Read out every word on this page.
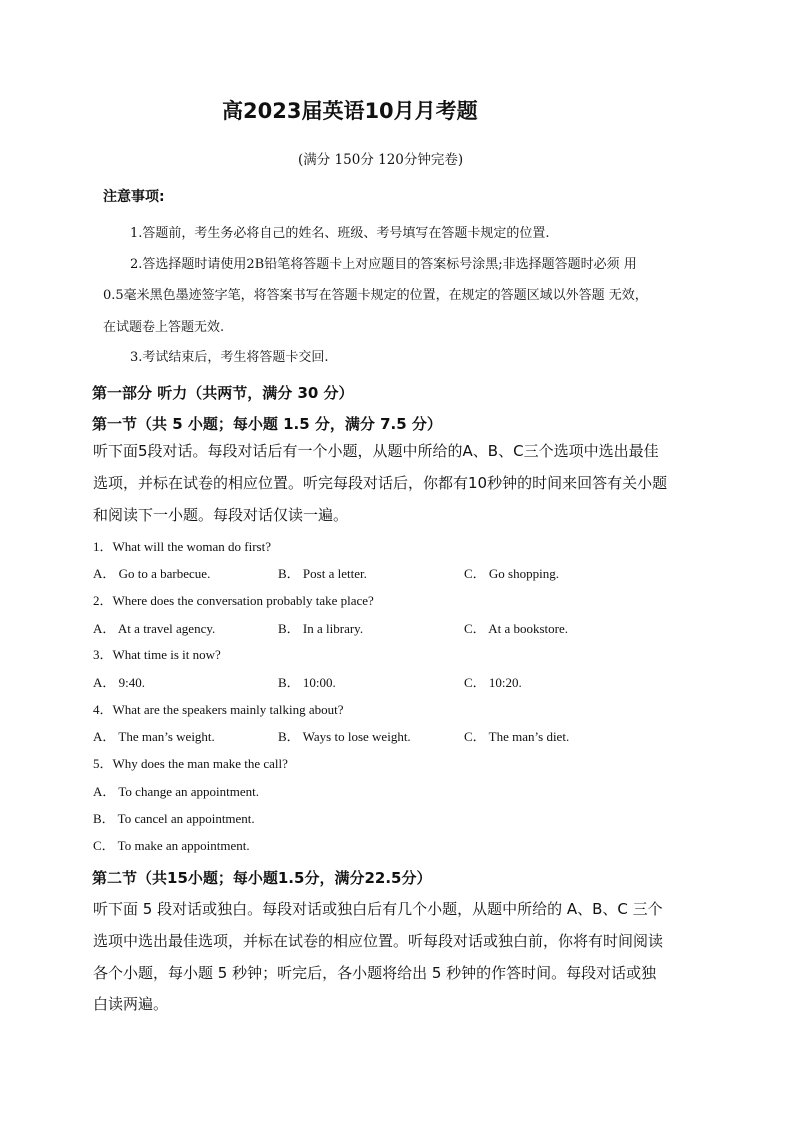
高2023届英语10月月考题
(满分 150分 120分钟完卷)
注意事项:
1.答题前，考生务必将自己的姓名、班级、考号填写在答题卡规定的位置.
2.答选择题时请使用2B铅笔将答题卡上对应题目的答案标号涂黑;非选择题答题时必须 用
0.5毫米黑色墨迹签字笔，将答案书写在答题卡规定的位置，在规定的答题区域以外答题 无效，
在试题卷上答题无效.
3.考试结束后，考生将答题卡交回.
第一部分 听力（共两节，满分 30 分）
第一节（共 5 小题；每小题 1.5 分，满分 7.5 分）
听下面5段对话。每段对话后有一个小题，从题中所给的A、B、C三个选项中选出最佳
选项，并标在试卷的相应位置。听完每段对话后，你都有10秒钟的时间来回答有关小题
和阅读下一小题。每段对话仅读一遍。
1．What will the woman do first?
A． Go to a barbecue.	B． Post a letter.	C． Go shopping.
2．Where does the conversation probably take place?
A． At a travel agency.	B． In a library.	C． At a bookstore.
3．What time is it now?
A． 9:40.	B． 10:00.	C． 10:20.
4．What are the speakers mainly talking about?
A． The man’s weight.	B． Ways to lose weight.	C． The man’s diet.
5．Why does the man make the call?
A． To change an appointment.
B． To cancel an appointment.
C． To make an appointment.
第二节（共15小题；每小题1.5分，满分22.5分）
听下面 5 段对话或独白。每段对话或独白后有几个小题，从题中所给的 A、B、C 三个
选项中选出最佳选项，并标在试卷的相应位置。听每段对话或独白前，你将有时间阅读
各个小题，每小题 5 秒钟；听完后，各小题将给出 5 秒钟的作答时间。每段对话或独
白读两遍。
